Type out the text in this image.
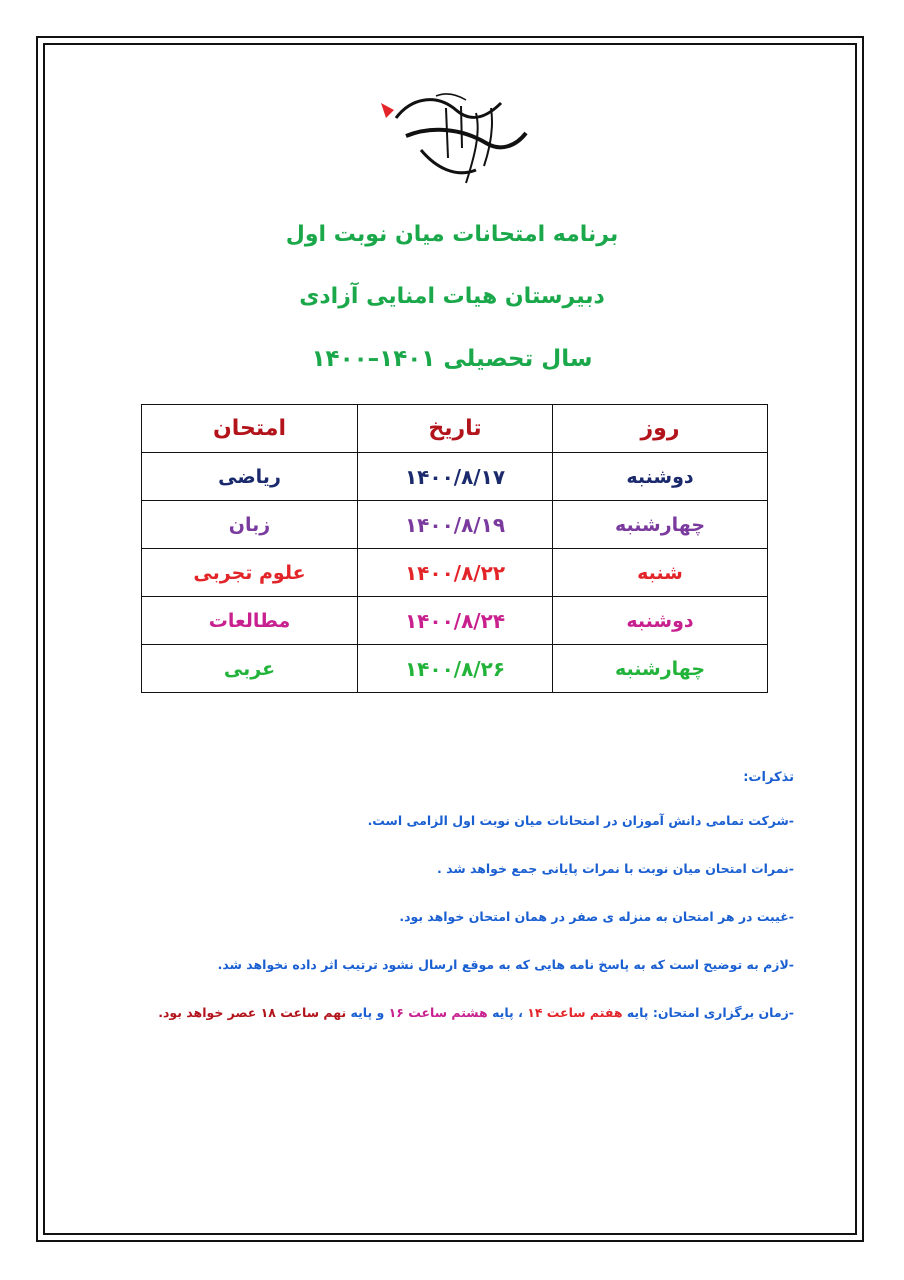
برنامه امتحانات میان نوبت اول
دبیرستان هیات امنایی آزادی
سال تحصیلی ۱۴۰۱–۱۴۰۰
روز	تاریخ	امتحان
دوشنبه	۱۴۰۰/۸/۱۷	ریاضی
چهارشنبه	۱۴۰۰/۸/۱۹	زبان
شنبه	۱۴۰۰/۸/۲۲	علوم تجربی
دوشنبه	۱۴۰۰/۸/۲۴	مطالعات
چهارشنبه	۱۴۰۰/۸/۲۶	عربی
تذکرات:
-شرکت تمامی دانش آموزان در امتحانات میان نوبت اول الزامی است.
-نمرات امتحان میان نوبت با نمرات پایانی جمع خواهد شد .
-غیبت در هر امتحان به منزله ی صفر در همان امتحان خواهد بود.
-لازم به توضیح است که به پاسخ نامه هایی که به موقع ارسال نشود ترتیب اثر داده نخواهد شد.
-زمان برگزاری امتحان: پایه هفتم ساعت ۱۴ ، پایه هشتم ساعت ۱۶ و پایه نهم ساعت ۱۸ عصر خواهد بود.
